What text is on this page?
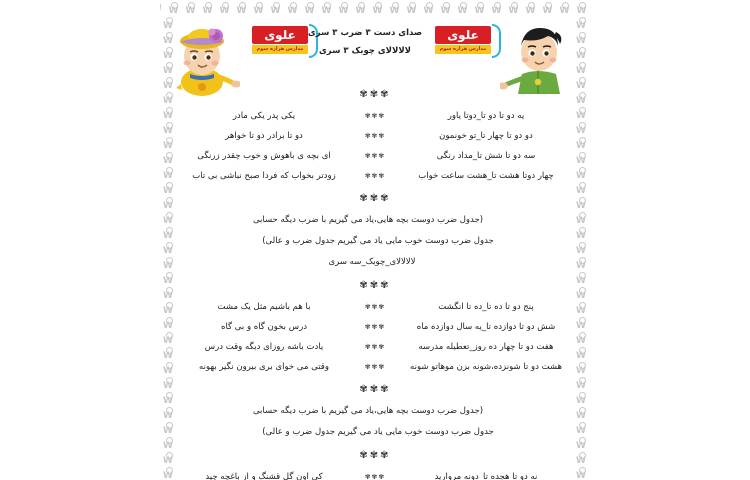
W
W
W
W
W
W
W
W
W
W
W
W
W
W
W
W
W
W
W
W
W
W
W
W
W
W
W
W
W
W
W
W
W
W
W
W
W
W
W
W
W
W
W
W
W
W
W
W
W
W
W
W
W
W
W
W
W
W
W
W
W
W
W
W
W
W
W
W
W
W
W
W
W
W
W
W
W
W
W
W
W
W
W
W
W
W
W
W
علوی
مدارس هزاره سوم
علوی
مدارس هزاره سوم
صدای دست ۳ ضرب ۳ سری
لالالالای چوبک ۳ سری
✾✾✾
یه دو تا دو تا_دوتا یاور
✾✾✾
یکی پدر یکی مادر
دو دو تا چهار تا_تو خونمون
✾✾✾
دو تا برادر دو تا خواهر
سه دو تا شش تا_مداد رنگی
✾✾✾
ای بچه ی باهوش و خوب چقدر زرنگی
چهار دوتا هشت تا_هشت ساعت خواب
✾✾✾
زودتر بخواب که فردا صبح نباشی بی تاب
✾✾✾
(جدول ضرب دوست بچه هایی،یاد می گیریم با ضرب دیگه حسابی
جدول ضرب دوست خوب مایی یاد می گیریم جدول ضرب و عالی)
لالالالای_چوبک_سه سری
✾✾✾
پنج دو تا ده تا_ده تا انگشت
✾✾✾
با هم باشیم مثل یک مشت
شش دو تا دوازده تا_یه سال دوازده ماه
✾✾✾
درس بخون گاه و بی گاه
هفت دو تا چهار ده روز_تعطیله مدرسه
✾✾✾
یادت باشه روزای دیگه وقت درس
هشت دو تا شونزده،شونه بزن موهاتو شونه
✾✾✾
وقتی می خوای بری بیرون نگیر بهونه
✾✾✾
(جدول ضرب دوست بچه هایی،یاد می گیریم با ضرب دیگه حسابی
جدول ضرب دوست خوب مایی یاد می گیریم جدول ضرب و عالی)
✾✾✾
نه دو تا هجده تا_دونه مروارید
✾✾✾
کی اون گل قشنگ و از باغچه چید
